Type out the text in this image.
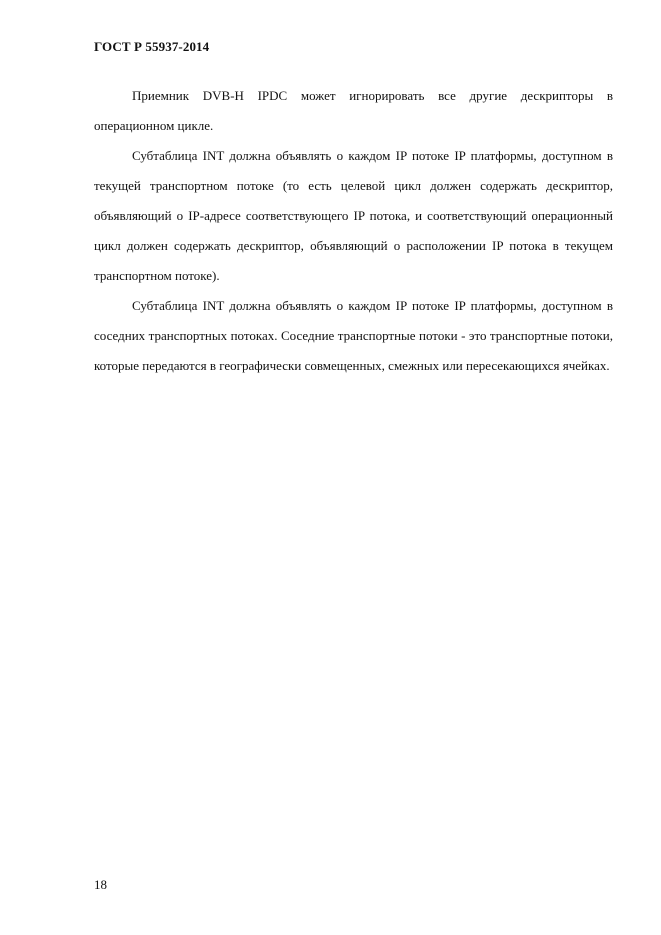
ГОСТ Р 55937-2014

Приемник DVB-H IPDC может игнорировать все другие дескрипторы в операционном цикле.

Субтаблица INT должна объявлять о каждом IP потоке IP платформы, доступном в текущей транспортном потоке (то есть целевой цикл должен содержать дескриптор, объявляющий о IP-адресе соответствующего IP потока, и соответствующий операционный цикл должен содержать дескриптор, объявляющий о расположении IP потока в текущем транспортном потоке).

Субтаблица INT должна объявлять о каждом IP потоке IP платформы, доступном в соседних транспортных потоках. Соседние транспортные потоки - это транспортные потоки, которые передаются в географически совмещенных, смежных или пересекающихся ячейках.

18
